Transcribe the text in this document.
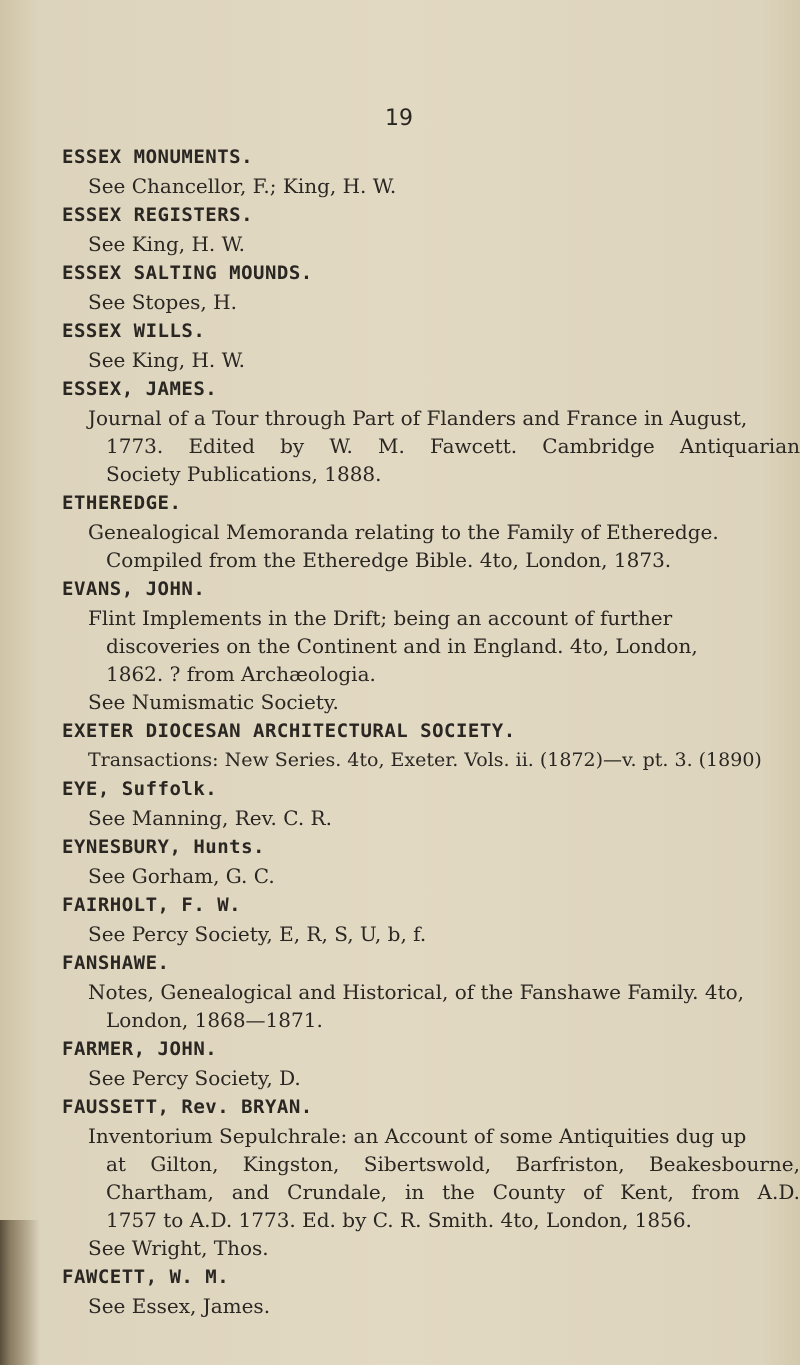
19
ESSEX MONUMENTS.
See Chancellor, F.; King, H. W.
ESSEX REGISTERS.
See King, H. W.
ESSEX SALTING MOUNDS.
See Stopes, H.
ESSEX WILLS.
See King, H. W.
ESSEX, JAMES.
Journal of a Tour through Part of Flanders and France in August,
1773. Edited by W. M. Fawcett. Cambridge Antiquarian
Society Publications, 1888.
ETHEREDGE.
Genealogical Memoranda relating to the Family of Etheredge.
Compiled from the Etheredge Bible. 4to, London, 1873.
EVANS, JOHN.
Flint Implements in the Drift; being an account of further
discoveries on the Continent and in England. 4to, London,
1862. ? from Archæologia.
See Numismatic Society.
EXETER DIOCESAN ARCHITECTURAL SOCIETY.
Transactions: New Series. 4to, Exeter. Vols. ii. (1872)—v. pt. 3. (1890)
EYE, Suffolk.
See Manning, Rev. C. R.
EYNESBURY, Hunts.
See Gorham, G. C.
FAIRHOLT, F. W.
See Percy Society, E, R, S, U, b, f.
FANSHAWE.
Notes, Genealogical and Historical, of the Fanshawe Family. 4to,
London, 1868—1871.
FARMER, JOHN.
See Percy Society, D.
FAUSSETT, Rev. BRYAN.
Inventorium Sepulchrale: an Account of some Antiquities dug up
at Gilton, Kingston, Sibertswold, Barfriston, Beakesbourne,
Chartham, and Crundale, in the County of Kent, from A.D.
1757 to A.D. 1773. Ed. by C. R. Smith. 4to, London, 1856.
See Wright, Thos.
FAWCETT, W. M.
See Essex, James.
